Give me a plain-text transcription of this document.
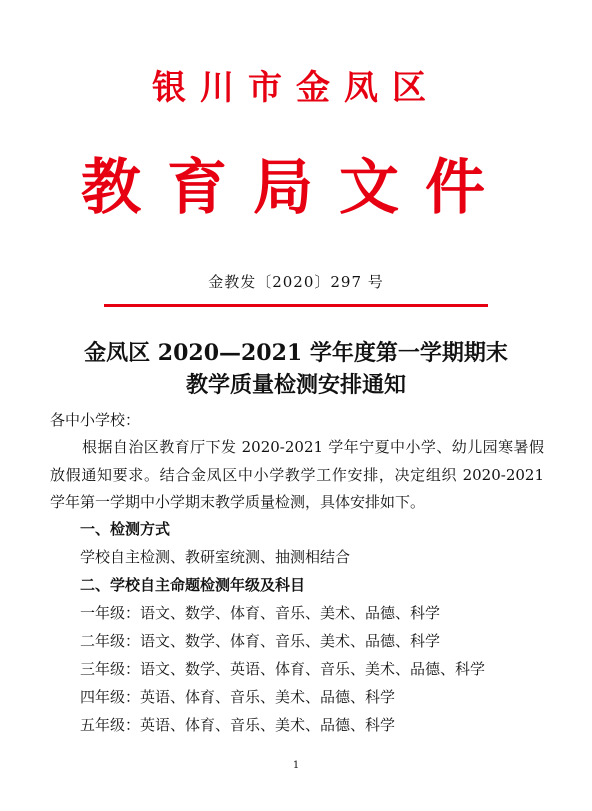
银川市金凤区
教育局文件
金教发〔2020〕297 号
金凤区 2020—2021 学年度第一学期期末
教学质量检测安排通知
各中小学校：
根据自治区教育厅下发 2020-2021 学年宁夏中小学、幼儿园寒暑假放假通知要求。结合金凤区中小学教学工作安排，决定组织 2020-2021 学年第一学期中小学期末教学质量检测，具体安排如下。
一、检测方式
学校自主检测、教研室统测、抽测相结合
二、学校自主命题检测年级及科目
一年级：语文、数学、体育、音乐、美术、品德、科学
二年级：语文、数学、体育、音乐、美术、品德、科学
三年级：语文、数学、英语、体育、音乐、美术、品德、科学
四年级：英语、体育、音乐、美术、品德、科学
五年级：英语、体育、音乐、美术、品德、科学
1
